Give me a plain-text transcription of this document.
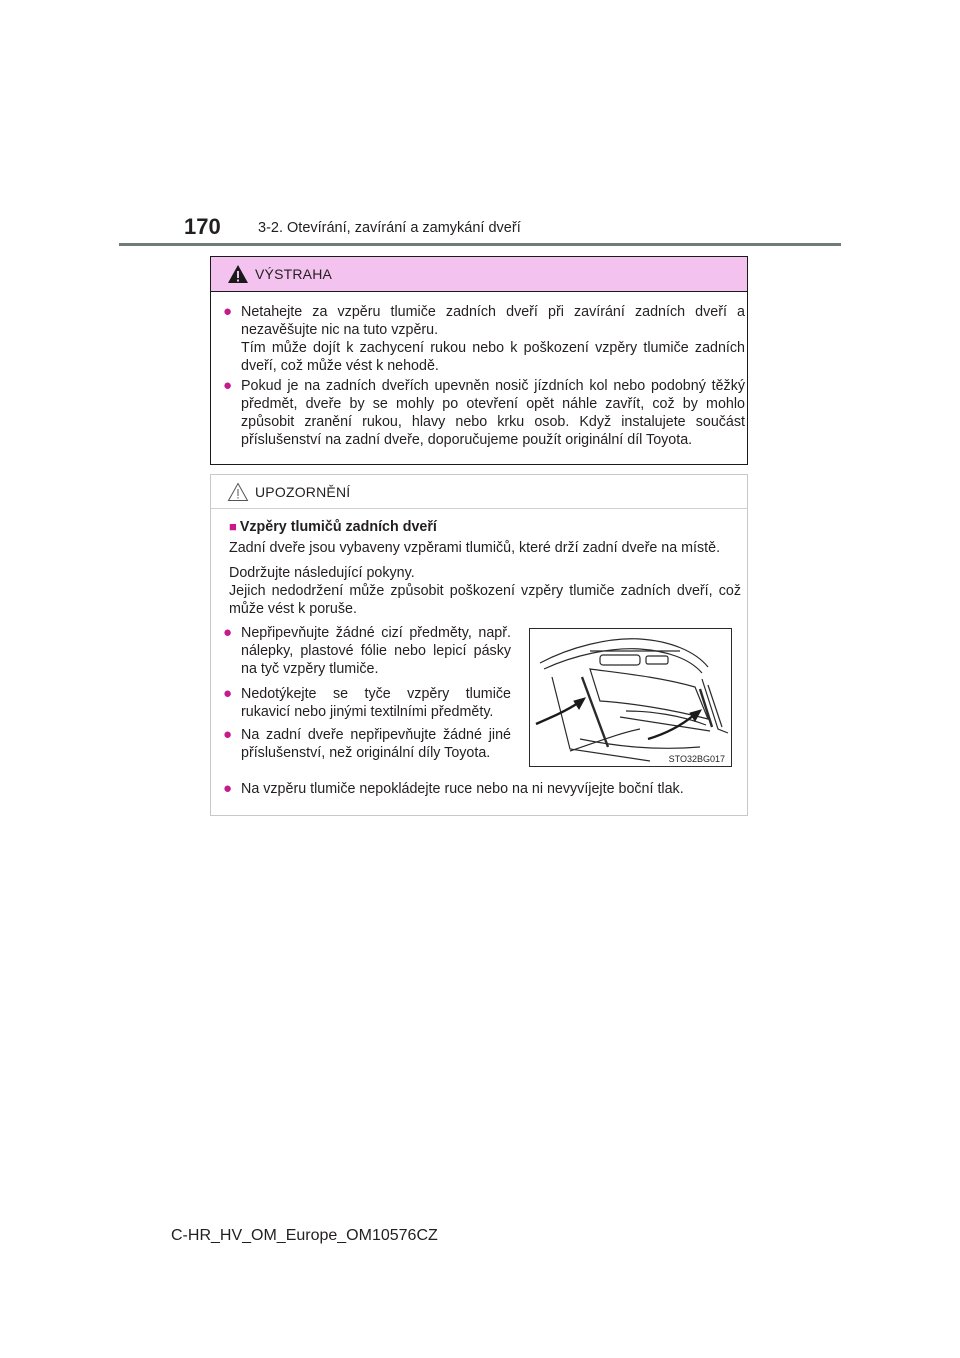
170	3-2. Otevírání, zavírání a zamykání dveří
VÝSTRAHA
● Netahejte za vzpěru tlumiče zadních dveří při zavírání zadních dveří a nezavěšujte nic na tuto vzpěru.

Tím může dojít k zachycení rukou nebo k poškození vzpěry tlumiče zadních dveří, což může vést k nehodě.

● Pokud je na zadních dveřích upevněn nosič jízdních kol nebo podobný těžký předmět, dveře by se mohly po otevření opět náhle zavřít, což by mohlo způsobit zranění rukou, hlavy nebo krku osob. Když instalujete součást příslušenství na zadní dveře, doporučujeme použít originální díl Toyota.

UPOZORNĚNÍ
■ Vzpěry tlumičů zadních dveří

Zadní dveře jsou vybaveny vzpěrami tlumičů, které drží zadní dveře na místě.

Dodržujte následující pokyny.

Jejich nedodržení může způsobit poškození vzpěry tlumiče zadních dveří, což může vést k poruše.

● Nepřipevňujte žádné cizí předměty, např. nálepky, plastové fólie nebo lepicí pásky na tyč vzpěry tlumiče.

● Nedotýkejte se tyče vzpěry tlumiče rukavicí nebo jinými textilními předměty.

● Na zadní dveře nepřipevňujte žádné jiné příslušenství, než originální díly Toyota.	STO32BG017
● Na vzpěru tlumiče nepokládejte ruce nebo na ni nevyvíjejte boční tlak.

C-HR_HV_OM_Europe_OM10576CZ
